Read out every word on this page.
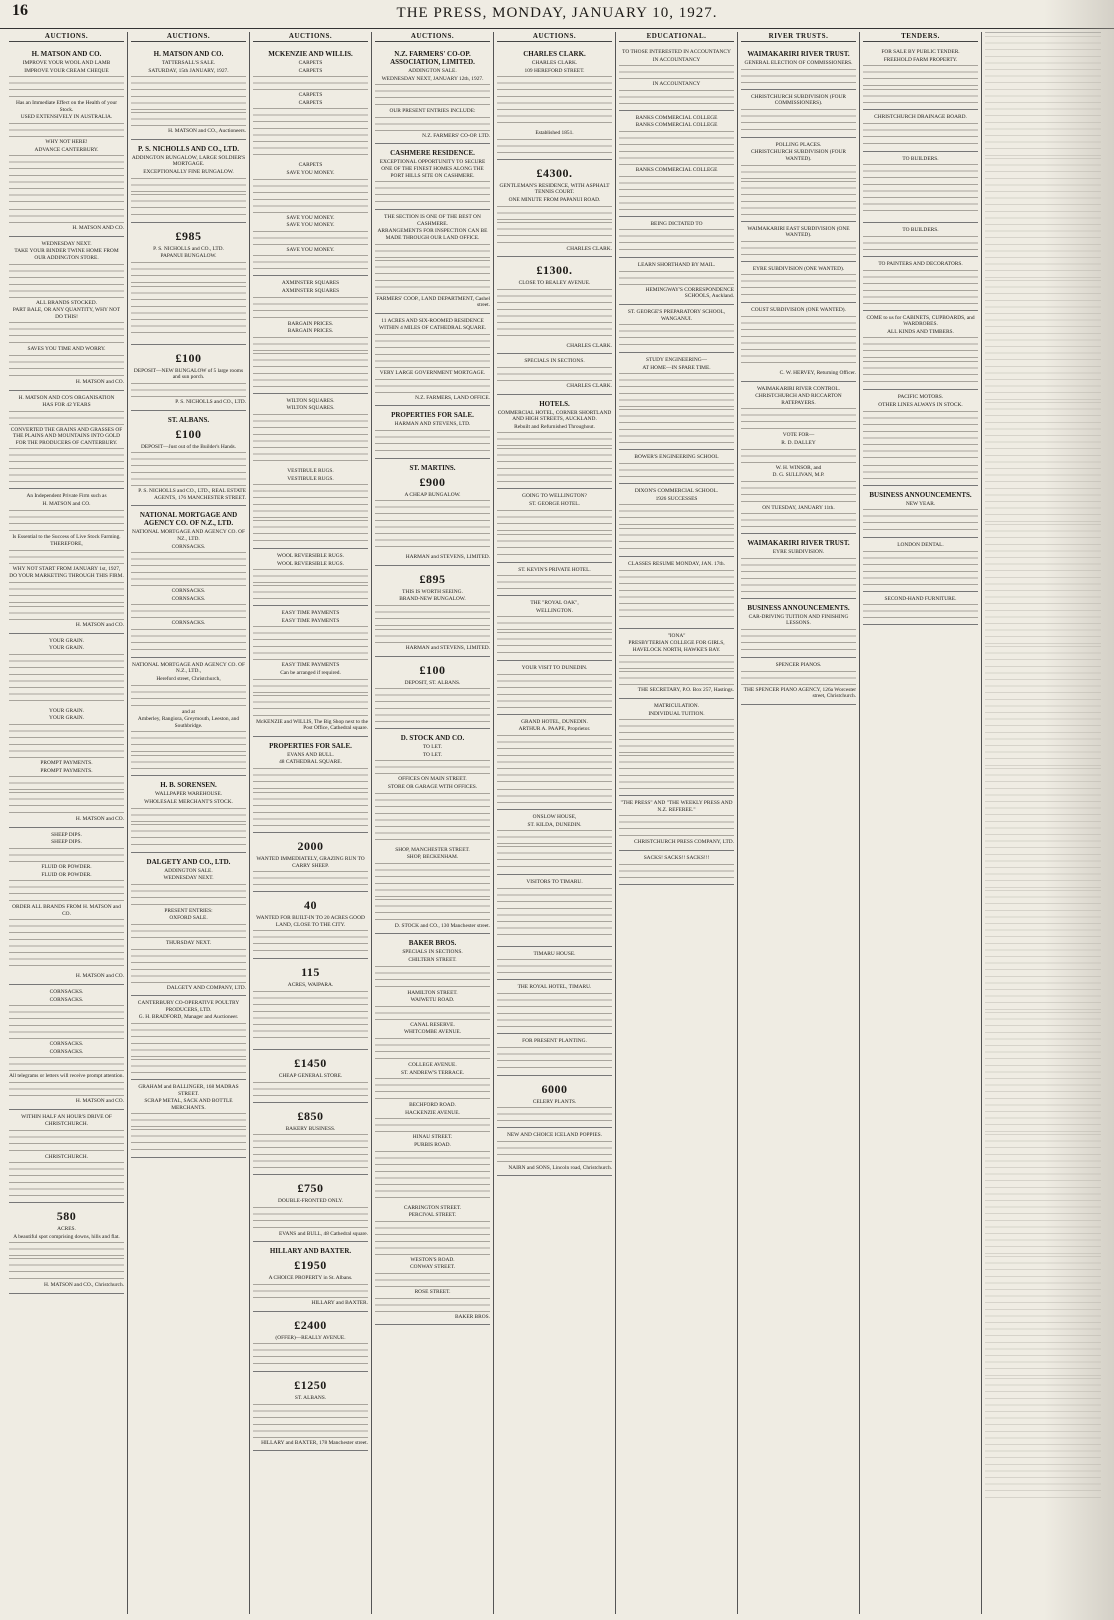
16	THE PRESS, MONDAY, JANUARY 10, 1927.
AUCTIONS.
H. MATSON AND CO.

IMPROVE YOUR WOOL AND LAMB

IMPROVE YOUR CREAM CHEQUE

Has an Immediate Effect on the Health of your Stock.

USED EXTENSIVELY IN AUSTRALIA.

WHY NOT HERE!

ADVANCE CANTERBURY.

H. MATSON AND CO.

WEDNESDAY NEXT.

TAKE YOUR BINDER TWINE HOME FROM OUR ADDINGTON STORE.

ALL BRANDS STOCKED.

PART BALE, OR ANY QUANTITY, WHY NOT DO THIS!

SAVES YOU TIME AND WORRY.

H. MATSON and CO.

H. MATSON AND CO'S ORGANISATION

HAS FOR 42 YEARS

CONVERTED THE GRAINS AND GRASSES OF THE PLAINS AND MOUNTAINS INTO GOLD FOR THE PRODUCERS OF CANTERBURY.

An Independent Private Firm such as

H. MATSON and CO.

Is Essential to the Success of Live Stock Farming.

THEREFORE,

WHY NOT START FROM JANUARY 1st, 1927,

DO YOUR MARKETING THROUGH THIS FIRM.

H. MATSON and CO.

YOUR GRAIN.

YOUR GRAIN.

YOUR GRAIN.

YOUR GRAIN.

PROMPT PAYMENTS.

PROMPT PAYMENTS.

H. MATSON and CO.

SHEEP DIPS.

SHEEP DIPS.

FLUID OR POWDER.

FLUID OR POWDER.

ORDER ALL BRANDS FROM H. MATSON and CO.

H. MATSON and CO.

CORNSACKS.

CORNSACKS.

CORNSACKS.

CORNSACKS.

All telegrams or letters will receive prompt attention.

H. MATSON and CO.

WITHIN HALF AN HOUR'S DRIVE OF

CHRISTCHURCH.

CHRISTCHURCH.

580

ACRES.

A beautiful spot comprising downs, hills and flat.

H. MATSON and CO., Christchurch.
AUCTIONS.
H. MATSON AND CO.

TATTERSALL'S SALE.

SATURDAY, 15th JANUARY, 1927.

H. MATSON and CO., Auctioneers.
P. S. NICHOLLS AND CO., LTD.

ADDINGTON BUNGALOW, LARGE SOLDIER'S MORTGAGE.

EXCEPTIONALLY FINE BUNGALOW.

£985

P. S. NICHOLLS and CO., LTD.

PAPANUI BUNGALOW.

£100

DEPOSIT—NEW BUNGALOW of 5 large rooms and sun porch.

P. S. NICHOLLS and CO., LTD.
ST. ALBANS.
£100

DEPOSIT—Just out of the Builder's Hands.

P. S. NICHOLLS and CO., LTD., REAL ESTATE AGENTS, 176 MANCHESTER STREET.
NATIONAL MORTGAGE AND AGENCY CO. OF N.Z., LTD.

NATIONAL MORTGAGE AND AGENCY CO. OF NZ., LTD.

CORNSACKS.

CORNSACKS.

CORNSACKS.

CORNSACKS.

NATIONAL MORTGAGE AND AGENCY CO. OF N.Z., LTD.,

Hereford street, Christchurch,

and at

Amberley, Rangiora, Greymouth, Leeston, and Southbridge.

H. B. SORENSEN.

WALLPAPER WAREHOUSE.

WHOLESALE MERCHANT'S STOCK.

DALGETY AND CO., LTD.

ADDINGTON SALE.

WEDNESDAY NEXT.

PRESENT ENTRIES:

OXFORD SALE.

THURSDAY NEXT.

DALGETY AND COMPANY, LTD.

CANTERBURY CO-OPERATIVE POULTRY PRODUCERS, LTD.

G. H. BRADFORD, Manager and Auctioneer.

GRAHAM and BALLINGER, 168 MADRAS STREET.

SCRAP METAL, SACK AND BOTTLE MERCHANTS.

AUCTIONS.
MCKENZIE AND WILLIS.

CARPETS

CARPETS

CARPETS

CARPETS

CARPETS

SAVE YOU MONEY.

SAVE YOU MONEY.

SAVE YOU MONEY.

SAVE YOU MONEY.

AXMINSTER SQUARES

AXMINSTER SQUARES

BARGAIN PRICES.

BARGAIN PRICES.

WILTON SQUARES.

WILTON SQUARES.

VESTIBULE RUGS.

VESTIBULE RUGS.

WOOL REVERSIBLE RUGS.

WOOL REVERSIBLE RUGS.

EASY TIME PAYMENTS

EASY TIME PAYMENTS

EASY TIME PAYMENTS

Can be arranged if required.

McKENZIE and WILLIS, The Big Shop next to the Post Office, Cathedral square.
PROPERTIES FOR SALE.

EVANS AND BULL.

48 CATHEDRAL SQUARE.

2000

WANTED IMMEDIATELY, GRAZING RUN TO CARRY SHEEP.

40

WANTED FOR BUILT-IN TO 20 ACRES GOOD LAND, CLOSE TO THE CITY.

115

ACRES, WAIPARA.

£1450

CHEAP GENERAL STORE.

£850

BAKERY BUSINESS.

£750

DOUBLE-FRONTED ONLY.

EVANS and BULL, 48 Cathedral square.
HILLARY AND BAXTER.
£1950

A CHOICE PROPERTY in St. Albans.

HILLARY and BAXTER.
£2400

(OFFER)—REALLY AVENUE.

£1250

ST. ALBANS.

HILLARY and BAXTER, 178 Manchester street.
AUCTIONS.
N.Z. FARMERS' CO-OP. ASSOCIATION, LIMITED.

ADDINGTON SALE.

WEDNESDAY NEXT, JANUARY 12th, 1927.

OUR PRESENT ENTRIES INCLUDE:

N.Z. FARMERS' CO-OP. LTD.
CASHMERE RESIDENCE.

EXCEPTIONAL OPPORTUNITY TO SECURE ONE OF THE FINEST HOMES ALONG THE PORT HILLS SITE ON CASHMERE.

THE SECTION IS ONE OF THE BEST ON CASHMERE.

ARRANGEMENTS FOR INSPECTION CAN BE MADE THROUGH OUR LAND OFFICE.

FARMERS' COOP., LAND DEPARTMENT, Cashel street.

11 ACRES AND SIX-ROOMED RESIDENCE

WITHIN 4 MILES OF CATHEDRAL SQUARE.

VERY LARGE GOVERNMENT MORTGAGE.

N.Z. FARMERS, LAND OFFICE.
PROPERTIES FOR SALE.

HARMAN AND STEVENS, LTD.

ST. MARTINS.
£900

A CHEAP BUNGALOW.

HARMAN and STEVENS, LIMITED.
£895

THIS IS WORTH SEEING.

BRAND-NEW BUNGALOW.

HARMAN and STEVENS, LIMITED.
£100

DEPOSIT, ST. ALBANS.

D. STOCK AND CO.

TO LET.

TO LET.

OFFICES ON MAIN STREET.

STORE OR GARAGE WITH OFFICES.

SHOP, MANCHESTER STREET.

SHOP, BECKENHAM.

D. STOCK and CO., 130 Manchester street.
BAKER BROS.

SPECIALS IN SECTIONS.

CHILTERN STREET.

HAMILTON STREET.

WAIWETU ROAD.

CANAL RESERVE.

WHITCOMBE AVENUE.

COLLEGE AVENUE.

ST. ANDREW'S TERRACE.

BECHFORD ROAD.

HACKENZIE AVENUE.

HINAU STREET.

PURBIS ROAD.

CARRINGTON STREET.

PERCIVAL STREET.

WESTON'S ROAD.

CONWAY STREET.

ROSE STREET.

BAKER BROS.
AUCTIONS.
CHARLES CLARK.

CHARLES CLARK.

109 HEREFORD STREET.

Established 1851.

£4300.

GENTLEMAN'S RESIDENCE, WITH ASPHALT TENNIS COURT.

ONE MINUTE FROM PAPANUI ROAD.

CHARLES CLARK.
£1300.

CLOSE TO BEALEY AVENUE.

CHARLES CLARK.

SPECIALS IN SECTIONS.

CHARLES CLARK.
HOTELS.

COMMERCIAL HOTEL, CORNER SHORTLAND AND HIGH STREETS, AUCKLAND.

Rebuilt and Refurnished Throughout.

GOING TO WELLINGTON?

ST. GEORGE HOTEL.

ST. KEVIN'S PRIVATE HOTEL.

THE "ROYAL OAK",

WELLINGTON.

YOUR VISIT TO DUNEDIN.

GRAND HOTEL, DUNEDIN.

ARTHUR A. PAAPE, Proprietor.

ONSLOW HOUSE,

ST. KILDA, DUNEDIN.

VISITORS TO TIMARU.

TIMARU HOUSE.

THE ROYAL HOTEL, TIMARU.

FOR PRESENT PLANTING.

6000

CELERY PLANTS.

NEW AND CHOICE ICELAND POPPIES.

NAIRN and SONS, Lincoln road, Christchurch.
EDUCATIONAL.

TO THOSE INTERESTED IN ACCOUNTANCY

IN ACCOUNTANCY

IN ACCOUNTANCY

BANKS COMMERCIAL COLLEGE

BANKS COMMERCIAL COLLEGE

BANKS COMMERCIAL COLLEGE

BEING DICTATED TO

LEARN SHORTHAND BY MAIL.

HEMINGWAY'S CORRESPONDENCE SCHOOLS, Auckland.

ST. GEORGE'S PREPARATORY SCHOOL, WANGANUI.

STUDY ENGINEERING—

AT HOME—IN SPARE TIME.

BOWER'S ENGINEERING SCHOOL

DIXON'S COMMERCIAL SCHOOL.

1926 SUCCESSES

CLASSES RESUME MONDAY, JAN. 17th.

"IONA"

PRESBYTERIAN COLLEGE FOR GIRLS, HAVELOCK NORTH, HAWKE'S BAY.

THE SECRETARY, P.O. Box 257, Hastings.

MATRICULATION.

INDIVIDUAL TUITION.

"THE PRESS" AND "THE WEEKLY PRESS AND N.Z. REFEREE."

CHRISTCHURCH PRESS COMPANY, LTD.

SACKS! SACKS!! SACKS!!!

RIVER TRUSTS.
WAIMAKARIRI RIVER TRUST.

GENERAL ELECTION OF COMMISSIONERS.

CHRISTCHURCH SUBDIVISION (FOUR COMMISSIONERS).

POLLING PLACES.

CHRISTCHURCH SUBDIVISION (FOUR WANTED).

WAIMAKARIRI EAST SUBDIVISION (ONE WANTED).

EYRE SUBDIVISION (ONE WANTED).

COUST SUBDIVISION (ONE WANTED).

C. W. HERVEY, Returning Officer.

WAIMAKARIRI RIVER CONTROL.

CHRISTCHURCH AND RICCARTON RATEPAYERS.

VOTE FOR—

R. D. DALLEY

W. H. WINSOR, and

D. G. SULLIVAN, M.P.

ON TUESDAY, JANUARY 11th.

WAIMAKARIRI RIVER TRUST.

EYRE SUBDIVISION.

BUSINESS ANNOUNCEMENTS.

CAR-DRIVING TUITION AND FINISHING LESSONS.

SPENCER PIANOS.

THE SPENCER PIANO AGENCY, 126a Worcester street, Christchurch.
TENDERS.

FOR SALE BY PUBLIC TENDER.

FREEHOLD FARM PROPERTY.

CHRISTCHURCH DRAINAGE BOARD.

TO BUILDERS.

TO BUILDERS.

TO PAINTERS AND DECORATORS.

COME to us for CABINETS, CUPBOARDS, and WARDROBES.

ALL KINDS AND TIMBERS.

PACIFIC MOTORS.

OTHER LINES ALWAYS IN STOCK.

BUSINESS ANNOUNCEMENTS.

NEW YEAR.

LONDON DENTAL.

SECOND-HAND FURNITURE.
